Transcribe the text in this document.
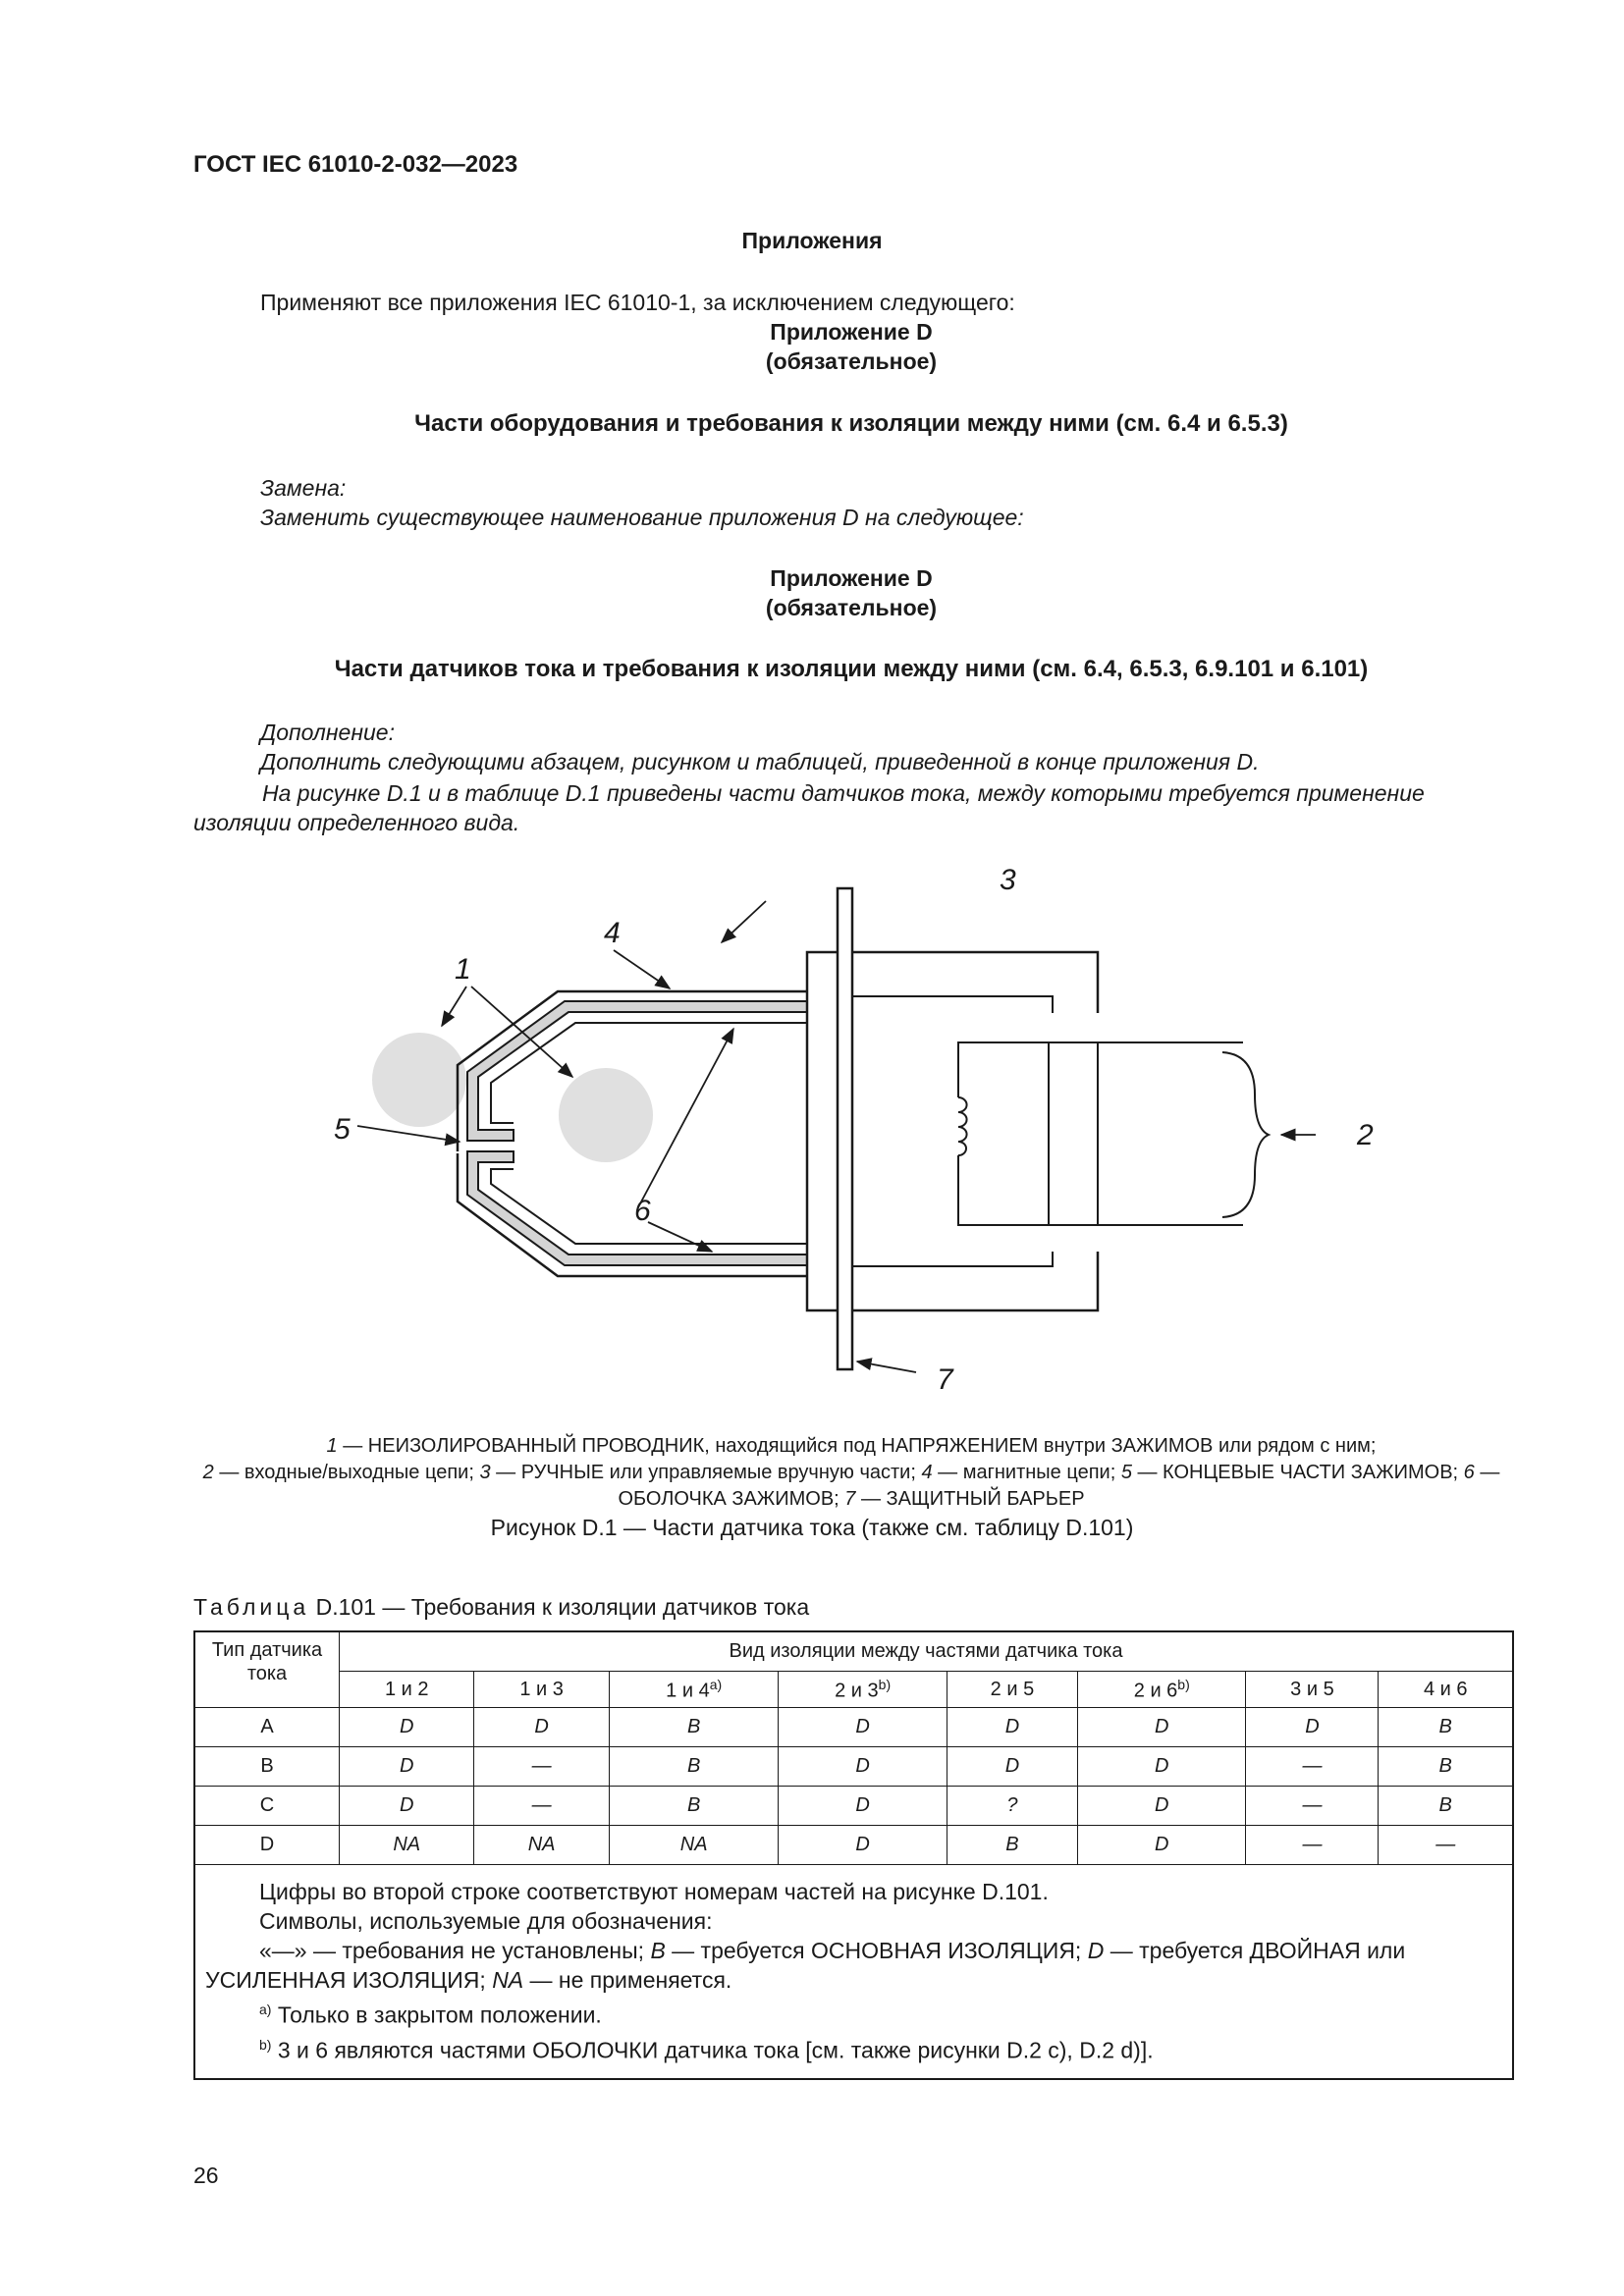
ГОСТ IEC 61010-2-032—2023
Приложения
Применяют все приложения IEC 61010-1, за исключением следующего:
Приложение D
(обязательное)
Части оборудования и требования к изоляции между ними (см. 6.4 и 6.5.3)
Замена:
Заменить существующее наименование приложения D на следующее:
Приложение D
(обязательное)
Части датчиков тока и требования к изоляции между ними (см. 6.4, 6.5.3, 6.9.101 и 6.101)
Дополнение:
Дополнить следующими абзацем, рисунком и таблицей, приведенной в конце приложения D.

На рисунке D.1 и в таблице D.1 приведены части датчиков тока, между которыми требуется применение изоляции определенного вида.

1
2
3
4
5
6
7
1 — НЕИЗОЛИРОВАННЫЙ ПРОВОДНИК, находящийся под НАПРЯЖЕНИЕМ внутри ЗАЖИМОВ или рядом с ним;
2 — входные/выходные цепи; 3 — РУЧНЫЕ или управляемые вручную части; 4 — магнитные цепи; 5 — КОНЦЕВЫЕ ЧАСТИ ЗАЖИМОВ; 6 — ОБОЛОЧКА ЗАЖИМОВ; 7 — ЗАЩИТНЫЙ БАРЬЕР
Рисунок D.1 — Части датчика тока (также см. таблицу D.101)
Таблица D.101 — Требования к изоляции датчиков тока
Тип датчика тока	Вид изоляции между частями датчика тока							
	1 и 2	1 и 3	1 и 4$^{a)}$	2 и 3$^{b)}$	2 и 5	2 и 6$^{b)}$	3 и 5	4 и 6
A	D	D	B	D	D	D	D	B
B	D	—	B	D	D	D	—	B
C	D	—	B	D	?	D	—	B
D	NA	NA	NA	D	B	D	—	—

Цифры во второй строке соответствуют номерам частей на рисунке D.101.

Символы, используемые для обозначения:

«—» — требования не установлены; B — требуется ОСНОВНАЯ ИЗОЛЯЦИЯ; D — требуется ДВОЙНАЯ или УСИЛЕННАЯ ИЗОЛЯЦИЯ; NA — не применяется.

$^{a)}$ Только в закрытом положении.

$^{b)}$ 3 и 6 являются частями ОБОЛОЧКИ датчика тока [см. также рисунки D.2 c), D.2 d)].								

26
